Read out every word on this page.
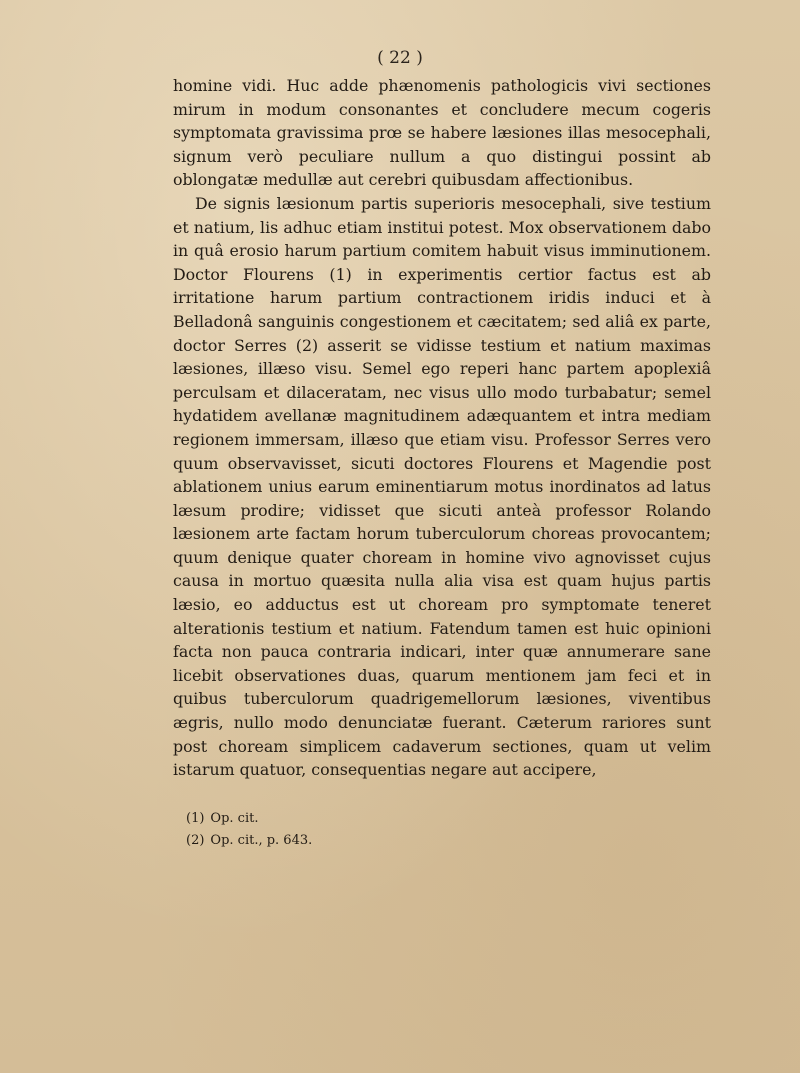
( 22 )

homine vidi. Huc adde phænomenis pathologicis vivi sectiones mirum in modum consonantes et concludere mecum cogeris symptomata gravissima prœ se habere læsiones illas mesocephali, signum verò peculiare nullum a quo distingui possint ab oblongatæ medullæ aut cerebri quibusdam affectionibus.

De signis læsionum partis superioris mesocephali, sive testium et natium, lis adhuc etiam institui potest. Mox observationem dabo in quâ erosio harum partium comitem habuit visus imminutionem. Doctor Flourens (1) in experimentis certior factus est ab irritatione harum partium contractionem iridis induci et à Belladonâ sanguinis congestionem et cæcitatem; sed aliâ ex parte, doctor Serres (2) asserit se vidisse testium et natium maximas læsiones, illæso visu. Semel ego reperi hanc partem apoplexiâ perculsam et dilaceratam, nec visus ullo modo turbabatur; semel hydatidem avellanæ magnitudinem adæquantem et intra mediam regionem immersam, illæso que etiam visu. Professor Serres vero quum observavisset, sicuti doctores Flourens et Magendie post ablationem unius earum eminentiarum motus inordinatos ad latus læsum prodire; vidisset que sicuti anteà professor Rolando læsionem arte factam horum tuberculorum choreas provocantem; quum denique quater choream in homine vivo agnovisset cujus causa in mortuo quæsita nulla alia visa est quam hujus partis læsio, eo adductus est ut choream pro symptomate teneret alterationis testium et natium. Fatendum tamen est huic opinioni facta non pauca contraria indicari, inter quæ annumerare sane licebit observationes duas, quarum mentionem jam feci et in quibus tuberculorum quadrigemellorum læsiones, viventibus ægris, nullo modo denunciatæ fuerant. Cæterum rariores sunt post choream simplicem cadaverum sectiones, quam ut velim istarum quatuor, consequentias negare aut accipere,

(1) Op. cit.

(2) Op. cit., p. 643.
